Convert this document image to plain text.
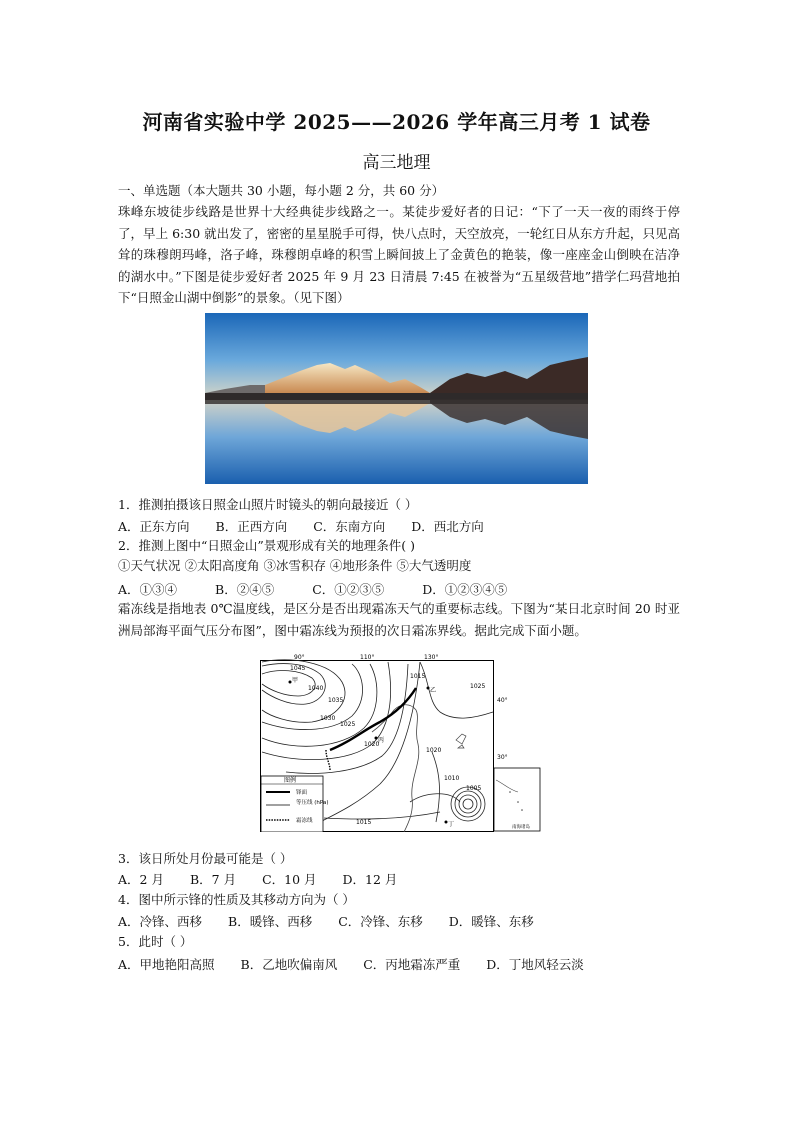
河南省实验中学 2025——2026 学年高三月考 1 试卷
高三地理
一、单选题（本大题共 30 小题，每小题 2 分，共 60 分）
珠峰东坡徒步线路是世界十大经典徒步线路之一。某徒步爱好者的日记：“下了一天一夜的雨终于停了，早上 6:30 就出发了，密密的星星脱手可得，快八点时，天空放亮，一轮红日从东方升起，只见高耸的珠穆朗玛峰，洛子峰，珠穆朗卓峰的积雪上瞬间披上了金黄色的艳装，像一座座金山倒映在洁净的湖水中。”下图是徒步爱好者 2025 年 9 月 23 日清晨 7:45 在被誉为“五星级营地”措学仁玛营地拍下“日照金山湖中倒影”的景象。（见下图）
1．推测拍摄该日照金山照片时镜头的朝向最接近（ ）
A．正东方向 B．正西方向 C．东南方向 D．西北方向
2．推测上图中“日照金山”景观形成有关的地理条件( )
①天气状况 ②太阳高度角 ③冰雪积存 ④地形条件 ⑤大气透明度
A．①③④	B．②④⑤	C．①②③⑤	D．①②③④⑤
霜冻线是指地表 0℃温度线，是区分是否出现霜冻天气的重要标志线。下图为“某日北京时间 20 时亚洲局部海平面气压分布图”，图中霜冻线为预报的次日霜冻界线。据此完成下面小题。
90°	110°	130°
40°
30°
1045
1040
1035
1030
1025
1020
1015
1010
1005
1025
1020
1015
甲
乙
丙
丁
图例
锋面
等压线 (hPa)
霜冻线
南海诸岛
3．该日所处月份最可能是（ ）
A．2 月 B．7 月 C．10 月 D．12 月
4．图中所示锋的性质及其移动方向为（ ）
A．冷锋、西移 B．暖锋、西移 C．冷锋、东移 D．暖锋、东移
5．此时（ ）
A．甲地艳阳高照 B．乙地吹偏南风 C．丙地霜冻严重 D．丁地风轻云淡
